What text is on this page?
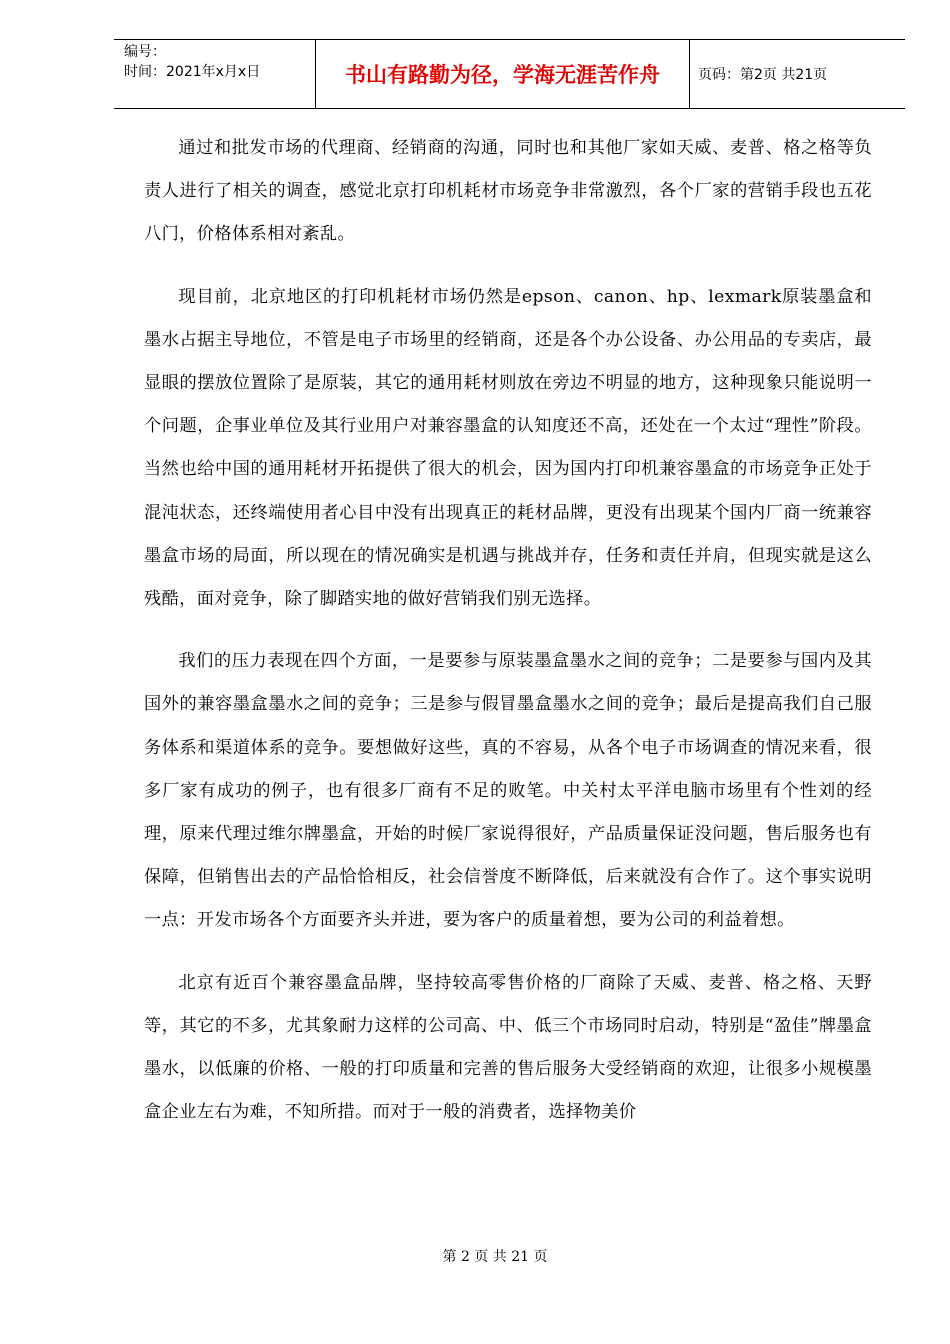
编号：
时间：2021年x月x日	书山有路勤为径，学海无涯苦作舟	页码：第2页 共21页

通过和批发市场的代理商、经销商的沟通，同时也和其他厂家如天威、麦普、格之格等负责人进行了相关的调查，感觉北京打印机耗材市场竞争非常激烈，各个厂家的营销手段也五花八门，价格体系相对紊乱。

现目前，北京地区的打印机耗材市场仍然是epson、canon、hp、lexmark原装墨盒和墨水占据主导地位，不管是电子市场里的经销商，还是各个办公设备、办公用品的专卖店，最显眼的摆放位置除了是原装，其它的通用耗材则放在旁边不明显的地方，这种现象只能说明一个问题，企事业单位及其行业用户对兼容墨盒的认知度还不高，还处在一个太过“理性”阶段。当然也给中国的通用耗材开拓提供了很大的机会，因为国内打印机兼容墨盒的市场竞争正处于混沌状态，还终端使用者心目中没有出现真正的耗材品牌，更没有出现某个国内厂商一统兼容墨盒市场的局面，所以现在的情况确实是机遇与挑战并存，任务和责任并肩，但现实就是这么残酷，面对竞争，除了脚踏实地的做好营销我们别无选择。

我们的压力表现在四个方面，一是要参与原装墨盒墨水之间的竞争；二是要参与国内及其国外的兼容墨盒墨水之间的竞争；三是参与假冒墨盒墨水之间的竞争；最后是提高我们自己服务体系和渠道体系的竞争。要想做好这些，真的不容易，从各个电子市场调查的情况来看，很多厂家有成功的例子，也有很多厂商有不足的败笔。中关村太平洋电脑市场里有个性刘的经理，原来代理过维尔牌墨盒，开始的时候厂家说得很好，产品质量保证没问题，售后服务也有保障，但销售出去的产品恰恰相反，社会信誉度不断降低，后来就没有合作了。这个事实说明一点：开发市场各个方面要齐头并进，要为客户的质量着想，要为公司的利益着想。

北京有近百个兼容墨盒品牌，坚持较高零售价格的厂商除了天威、麦普、格之格、天野等，其它的不多，尤其象耐力这样的公司高、中、低三个市场同时启动，特别是“盈佳”牌墨盒墨水，以低廉的价格、一般的打印质量和完善的售后服务大受经销商的欢迎，让很多小规模墨盒企业左右为难，不知所措。而对于一般的消费者，选择物美价

第 2 页 共 21 页
